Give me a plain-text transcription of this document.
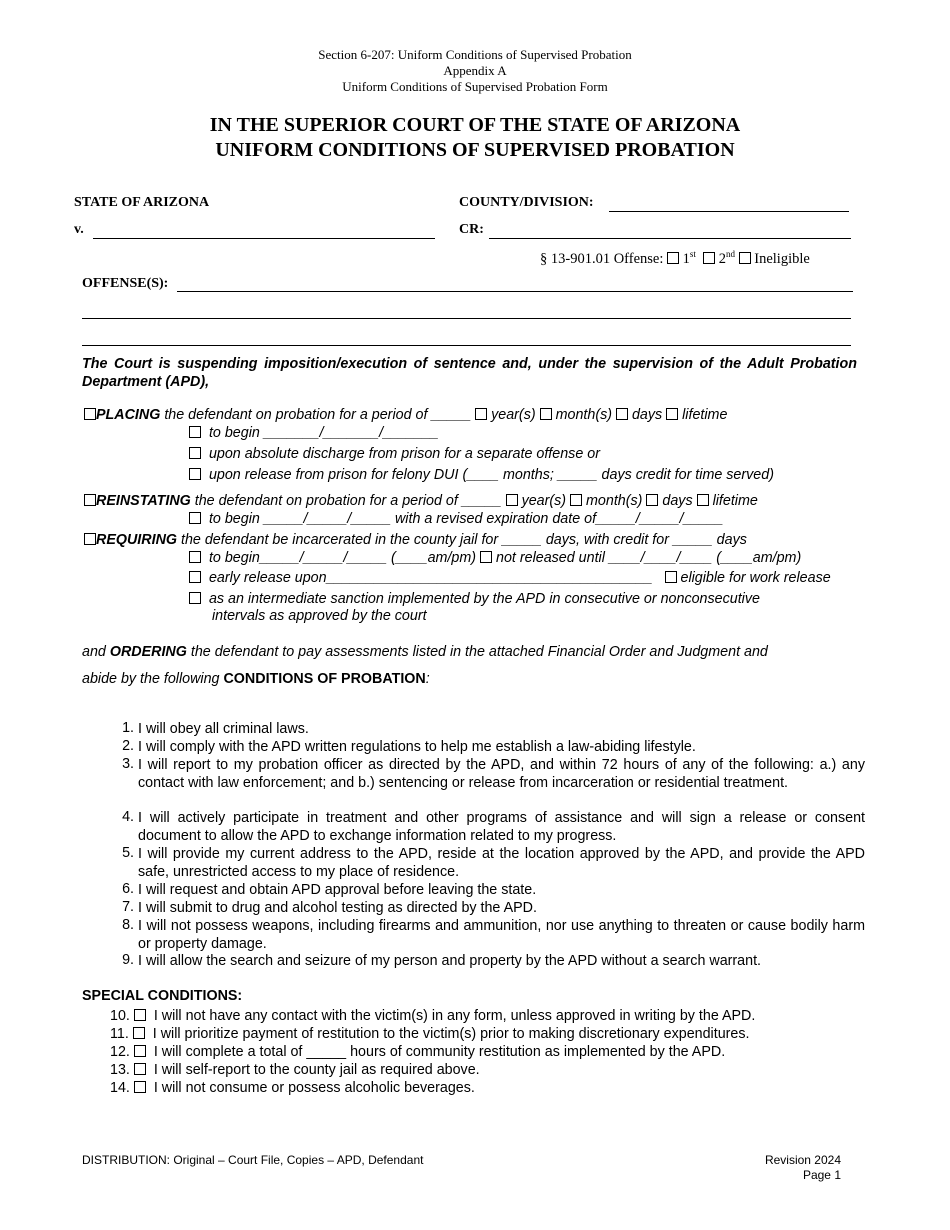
Section 6-207: Uniform Conditions of Supervised Probation
Appendix A
Uniform Conditions of Supervised Probation Form
IN THE SUPERIOR COURT OF THE STATE OF ARIZONA
UNIFORM CONDITIONS OF SUPERVISED PROBATION
STATE OF ARIZONA	COUNTY/DIVISION:
v.	CR:
§ 13-901.01 Offense: 1st 2nd Ineligible
OFFENSE(S):
The Court is suspending imposition/execution of sentence and, under the supervision of the Adult Probation Department (APD),
PLACING the defendant on probation for a period of _____ year(s) month(s) days lifetime
to begin _______/_______/_______
upon absolute discharge from prison for a separate offense or
upon release from prison for felony DUI (____ months; _____ days credit for time served)
REINSTATING the defendant on probation for a period of _____ year(s) month(s) days lifetime
to begin _____/_____/_____ with a revised expiration date of_____/_____/_____
REQUIRING the defendant be incarcerated in the county jail for _____ days, with credit for _____ days
to begin_____/_____/_____ (____am/pm) not released until ____/____/____ (____am/pm)
early release upon_________________________________________ eligible for work release
as an intermediate sanction implemented by the APD in consecutive or nonconsecutive
intervals as approved by the court
and ORDERING the defendant to pay assessments listed in the attached Financial Order and Judgment and
abide by the following CONDITIONS OF PROBATION:
1. I will obey all criminal laws.
2. I will comply with the APD written regulations to help me establish a law-abiding lifestyle.
3. I will report to my probation officer as directed by the APD, and within 72 hours of any of the following: a.) any contact with law enforcement; and b.) sentencing or release from incarceration or residential treatment.
4. I will actively participate in treatment and other programs of assistance and will sign a release or consent document to allow the APD to exchange information related to my progress.
5. I will provide my current address to the APD, reside at the location approved by the APD, and provide the APD safe, unrestricted access to my place of residence.
6. I will request and obtain APD approval before leaving the state.
7. I will submit to drug and alcohol testing as directed by the APD.
8. I will not possess weapons, including firearms and ammunition, nor use anything to threaten or cause bodily harm or property damage.
9. I will allow the search and seizure of my person and property by the APD without a search warrant.
SPECIAL CONDITIONS:
10. I will not have any contact with the victim(s) in any form, unless approved in writing by the APD.
11. I will prioritize payment of restitution to the victim(s) prior to making discretionary expenditures.
12. I will complete a total of _____ hours of community restitution as implemented by the APD.
13. I will self-report to the county jail as required above.
14. I will not consume or possess alcoholic beverages.
DISTRIBUTION: Original – Court File, Copies – APD, Defendant	Revision 2024
Page 1
